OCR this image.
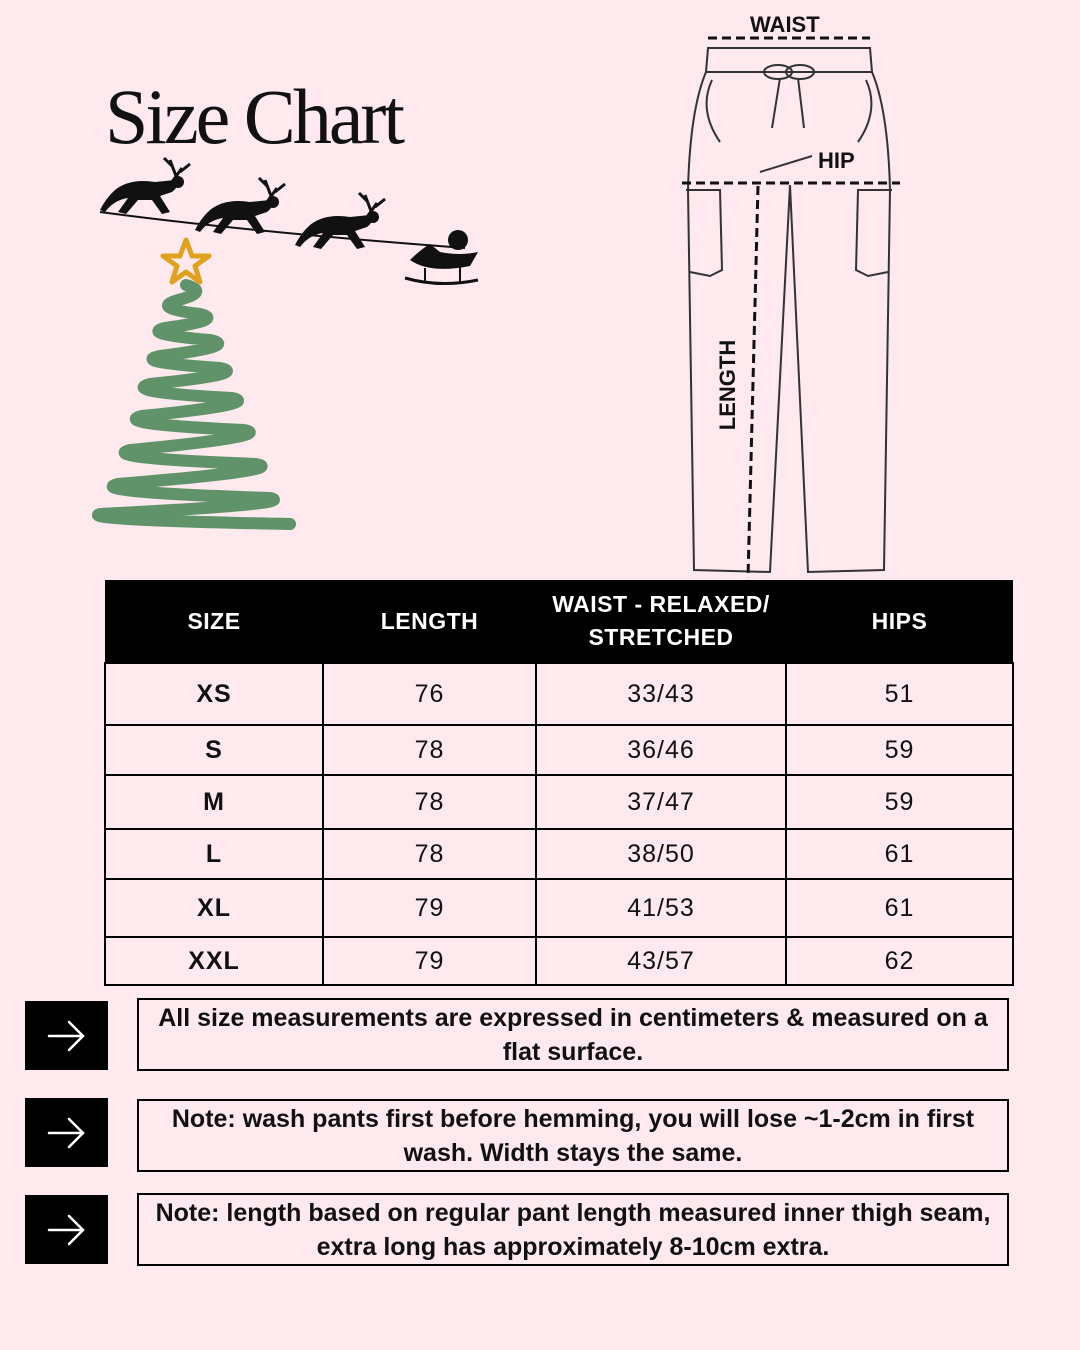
Size Chart
WAIST
HIP
LENGTH
SIZE	LENGTH	WAIST - RELAXED/ STRETCHED	HIPS
XS	76	33/43	51
S	78	36/46	59
M	78	37/47	59
L	78	38/50	61
XL	79	41/53	61
XXL	79	43/57	62
All size measurements are expressed in centimeters & measured on a flat surface.
Note: wash pants first before hemming, you will lose ~1-2cm in first wash. Width stays the same.
Note: length based on regular pant length measured inner thigh seam, extra long has approximately 8-10cm extra.
